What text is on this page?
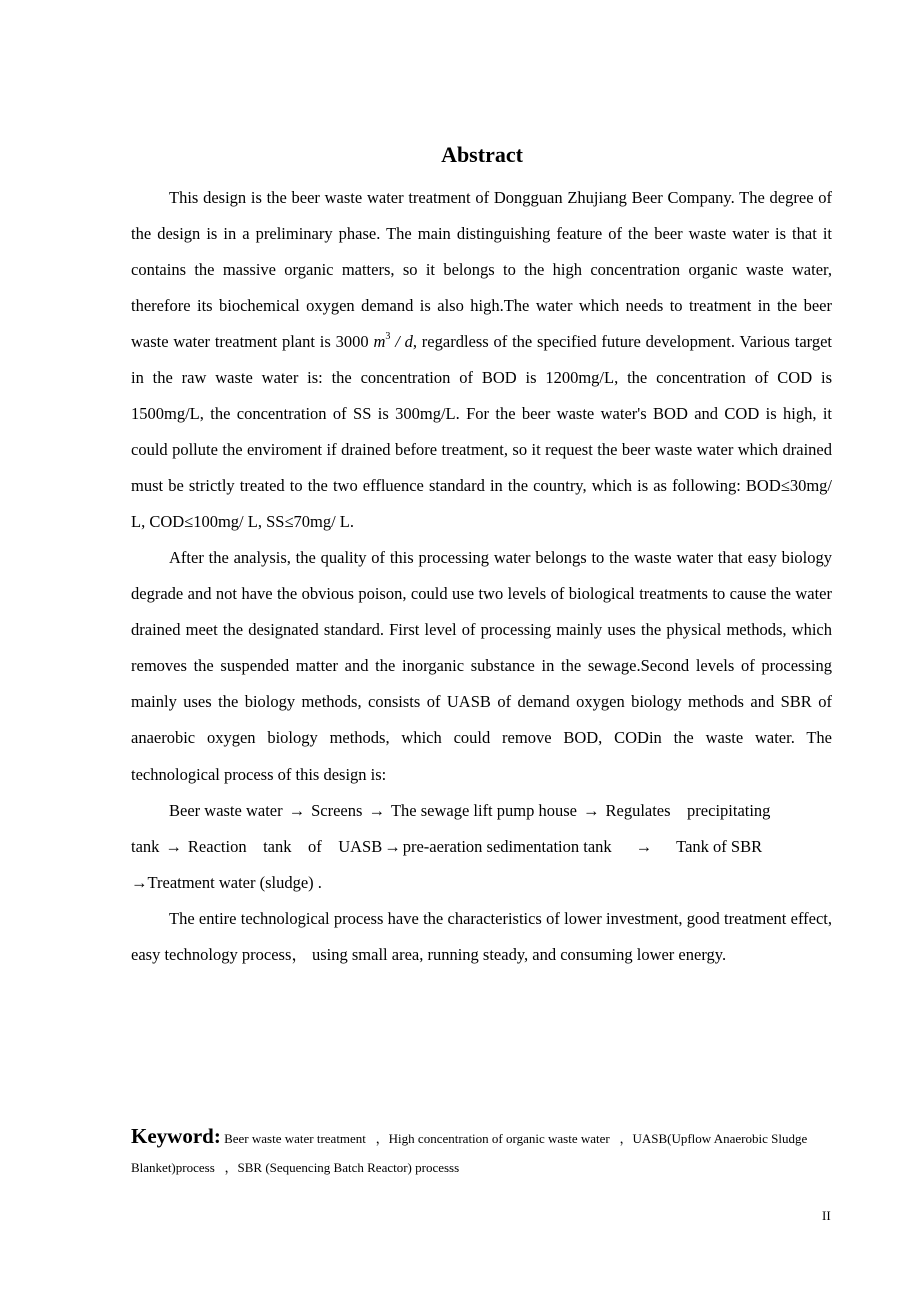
Abstract

This design is the beer waste water treatment of Dongguan Zhujiang Beer Company. The degree of the design is in a preliminary phase. The main distinguishing feature of the beer waste water is that it contains the massive organic matters, so it belongs to the high concentration organic waste water, therefore its biochemical oxygen demand is also high.The water which needs to treatment in the beer waste water treatment plant is 3000 $m^3$ / d, regardless of the specified future development. Various target in the raw waste water is: the concentration of BOD is 1200mg/L, the concentration of COD is 1500mg/L, the concentration of SS is 300mg/L. For the beer waste water's BOD and COD is high, it could pollute the enviroment if drained before treatment, so it request the beer waste water which drained must be strictly treated to the two effluence standard in the country, which is as following: BOD≤30mg/ L, COD≤100mg/ L, SS≤70mg/ L.

After the analysis, the quality of this processing water belongs to the waste water that easy biology degrade and not have the obvious poison, could use two levels of biological treatments to cause the water drained meet the designated standard. First level of processing mainly uses the physical methods, which removes the suspended matter and the inorganic substance in the sewage.Second levels of processing mainly uses the biology methods, consists of UASB of demand oxygen biology methods and SBR of anaerobic oxygen biology methods, which could remove BOD, CODin the waste water. The technological process of this design is:

Beer waste water → Screens → The sewage lift pump house → Regulates    precipitating

tank → Reaction    tank    of    UASB → pre-aeration sedimentation tank → Tank of SBR

→Treatment water (sludge) .

The entire technological process have the characteristics of lower investment, good treatment effect, easy technology process， using small area, running steady, and consuming lower energy.

Keyword: Beer waste water treatment   ，High concentration of organic waste water   ，UASB(Upflow Anaerobic Sludge Blanket)process   ，SBR (Sequencing Batch Reactor) processs
II
